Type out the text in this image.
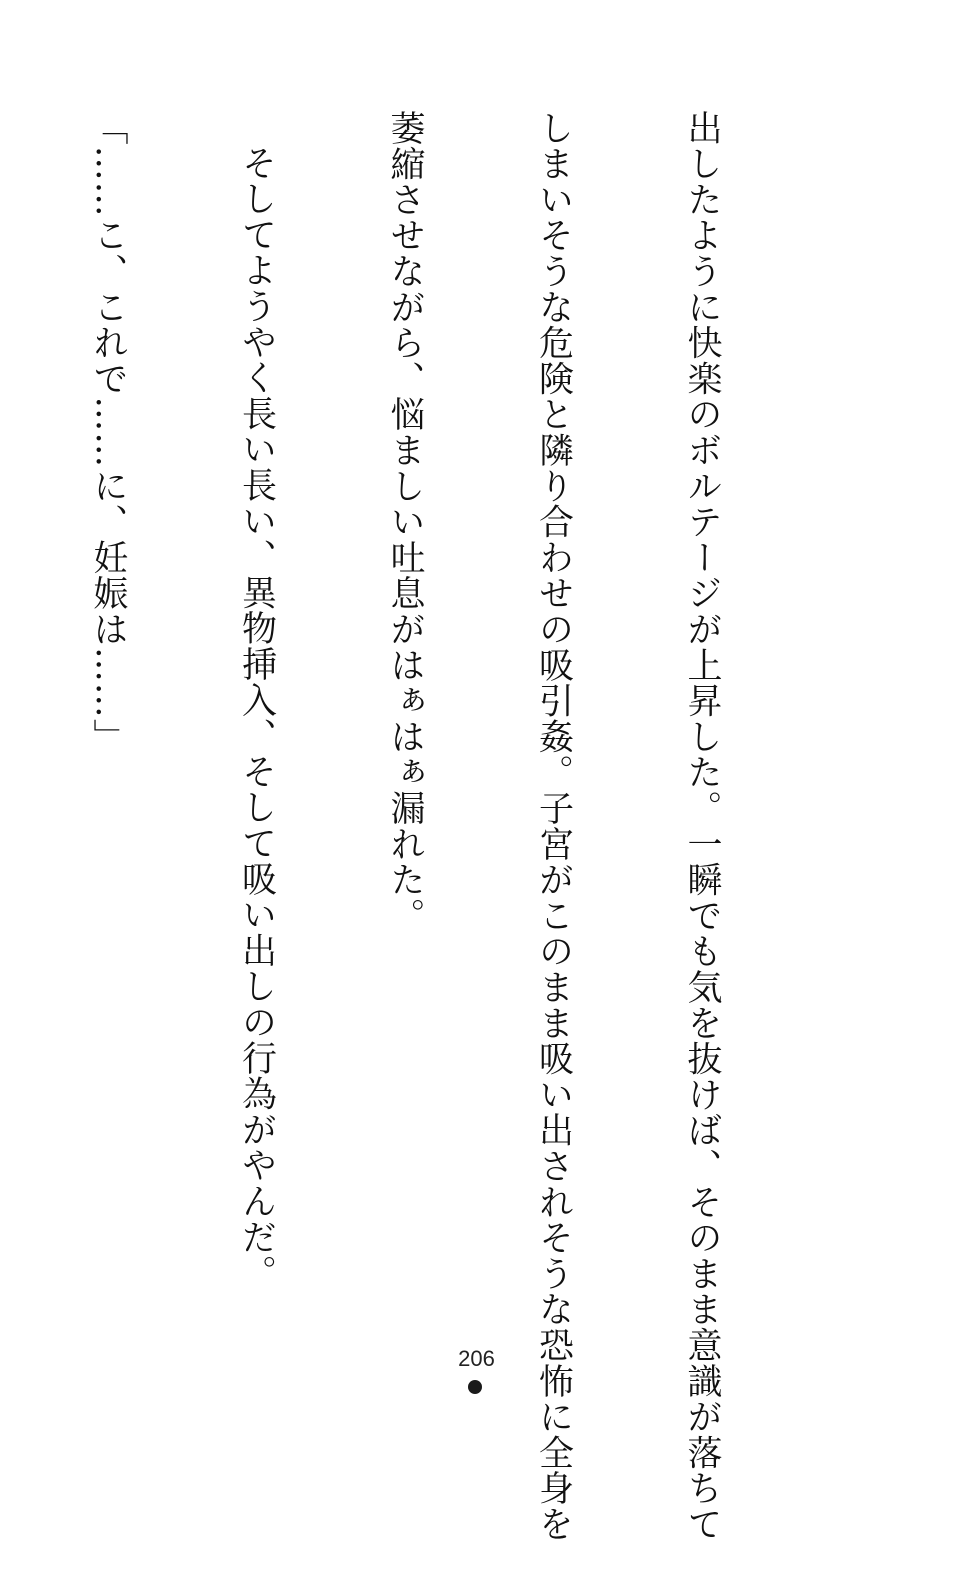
出したように快楽のボルテージが上昇した。一瞬でも気を抜けば、そのまま意識が落ちて

しまいそうな危険と隣り合わせの吸引姦。子宮がこのまま吸い出されそうな恐怖に全身を

萎縮させながら、悩ましい吐息がはぁはぁ漏れた。

そしてようやく長い長い、異物挿入、そして吸い出しの行為がやんだ。

「……こ、これで……に、妊娠は……」

206
